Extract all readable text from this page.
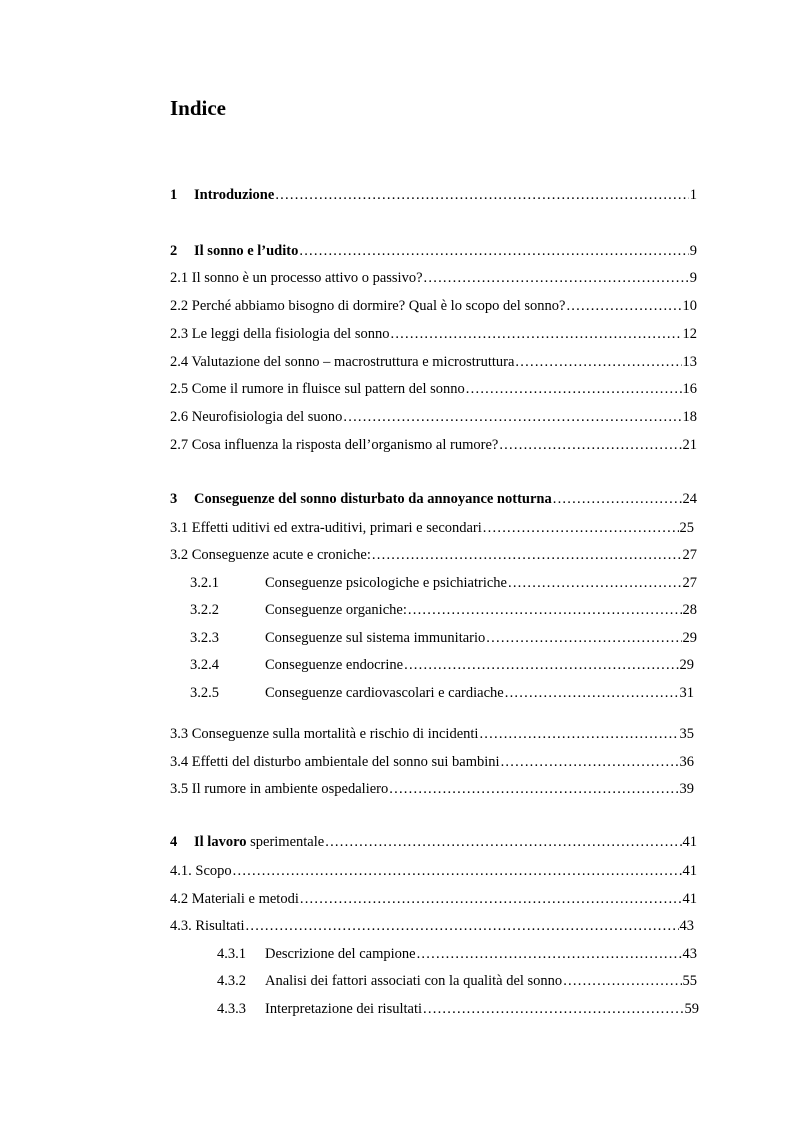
Indice
1 Introduzione . . .	1
2 Il sonno e l’udito . . .	9
2.1 Il sonno è un processo attivo o passivo? . . .	9
2.2 Perché abbiamo bisogno di dormire? Qual è lo scopo del sonno? . . .	10
2.3 Le leggi della fisiologia del sonno . . .	12
2.4 Valutazione del sonno – macrostruttura e microstruttura . . .	13
2.5 Come il rumore in fluisce sul pattern del sonno . . .	16
2.6 Neurofisiologia del suono . . .	18
2.7 Cosa influenza la risposta dell’organismo al rumore? . . .	21
3 Conseguenze del sonno disturbato da annoyance notturna . . .	24
3.1 Effetti uditivi ed extra-uditivi, primari e secondari . . .	25
3.2 Conseguenze acute e croniche: . . .	27
3.2.1	Conseguenze psicologiche e psichiatriche . . .	27
3.2.2	Conseguenze organiche: . . .	28
3.2.3	Conseguenze sul sistema immunitario . . .	29
3.2.4	Conseguenze endocrine . . .	29
3.2.5	Conseguenze cardiovascolari e cardiache . . .	31
3.3 Conseguenze sulla mortalità e rischio di incidenti . . .	35
3.4 Effetti del disturbo ambientale del sonno sui bambini . . .	36
3.5 Il rumore in ambiente ospedaliero . . .	39
4 Il lavoro sperimentale . . .	41
4.1. Scopo . . .	41
4.2 Materiali e metodi . . .	41
4.3. Risultati . . .	43
4.3.1 Descrizione del campione . . .	43
4.3.2 Analisi dei fattori associati con la qualità del sonno . . .	55
4.3.3 Interpretazione dei risultati . . .	59
